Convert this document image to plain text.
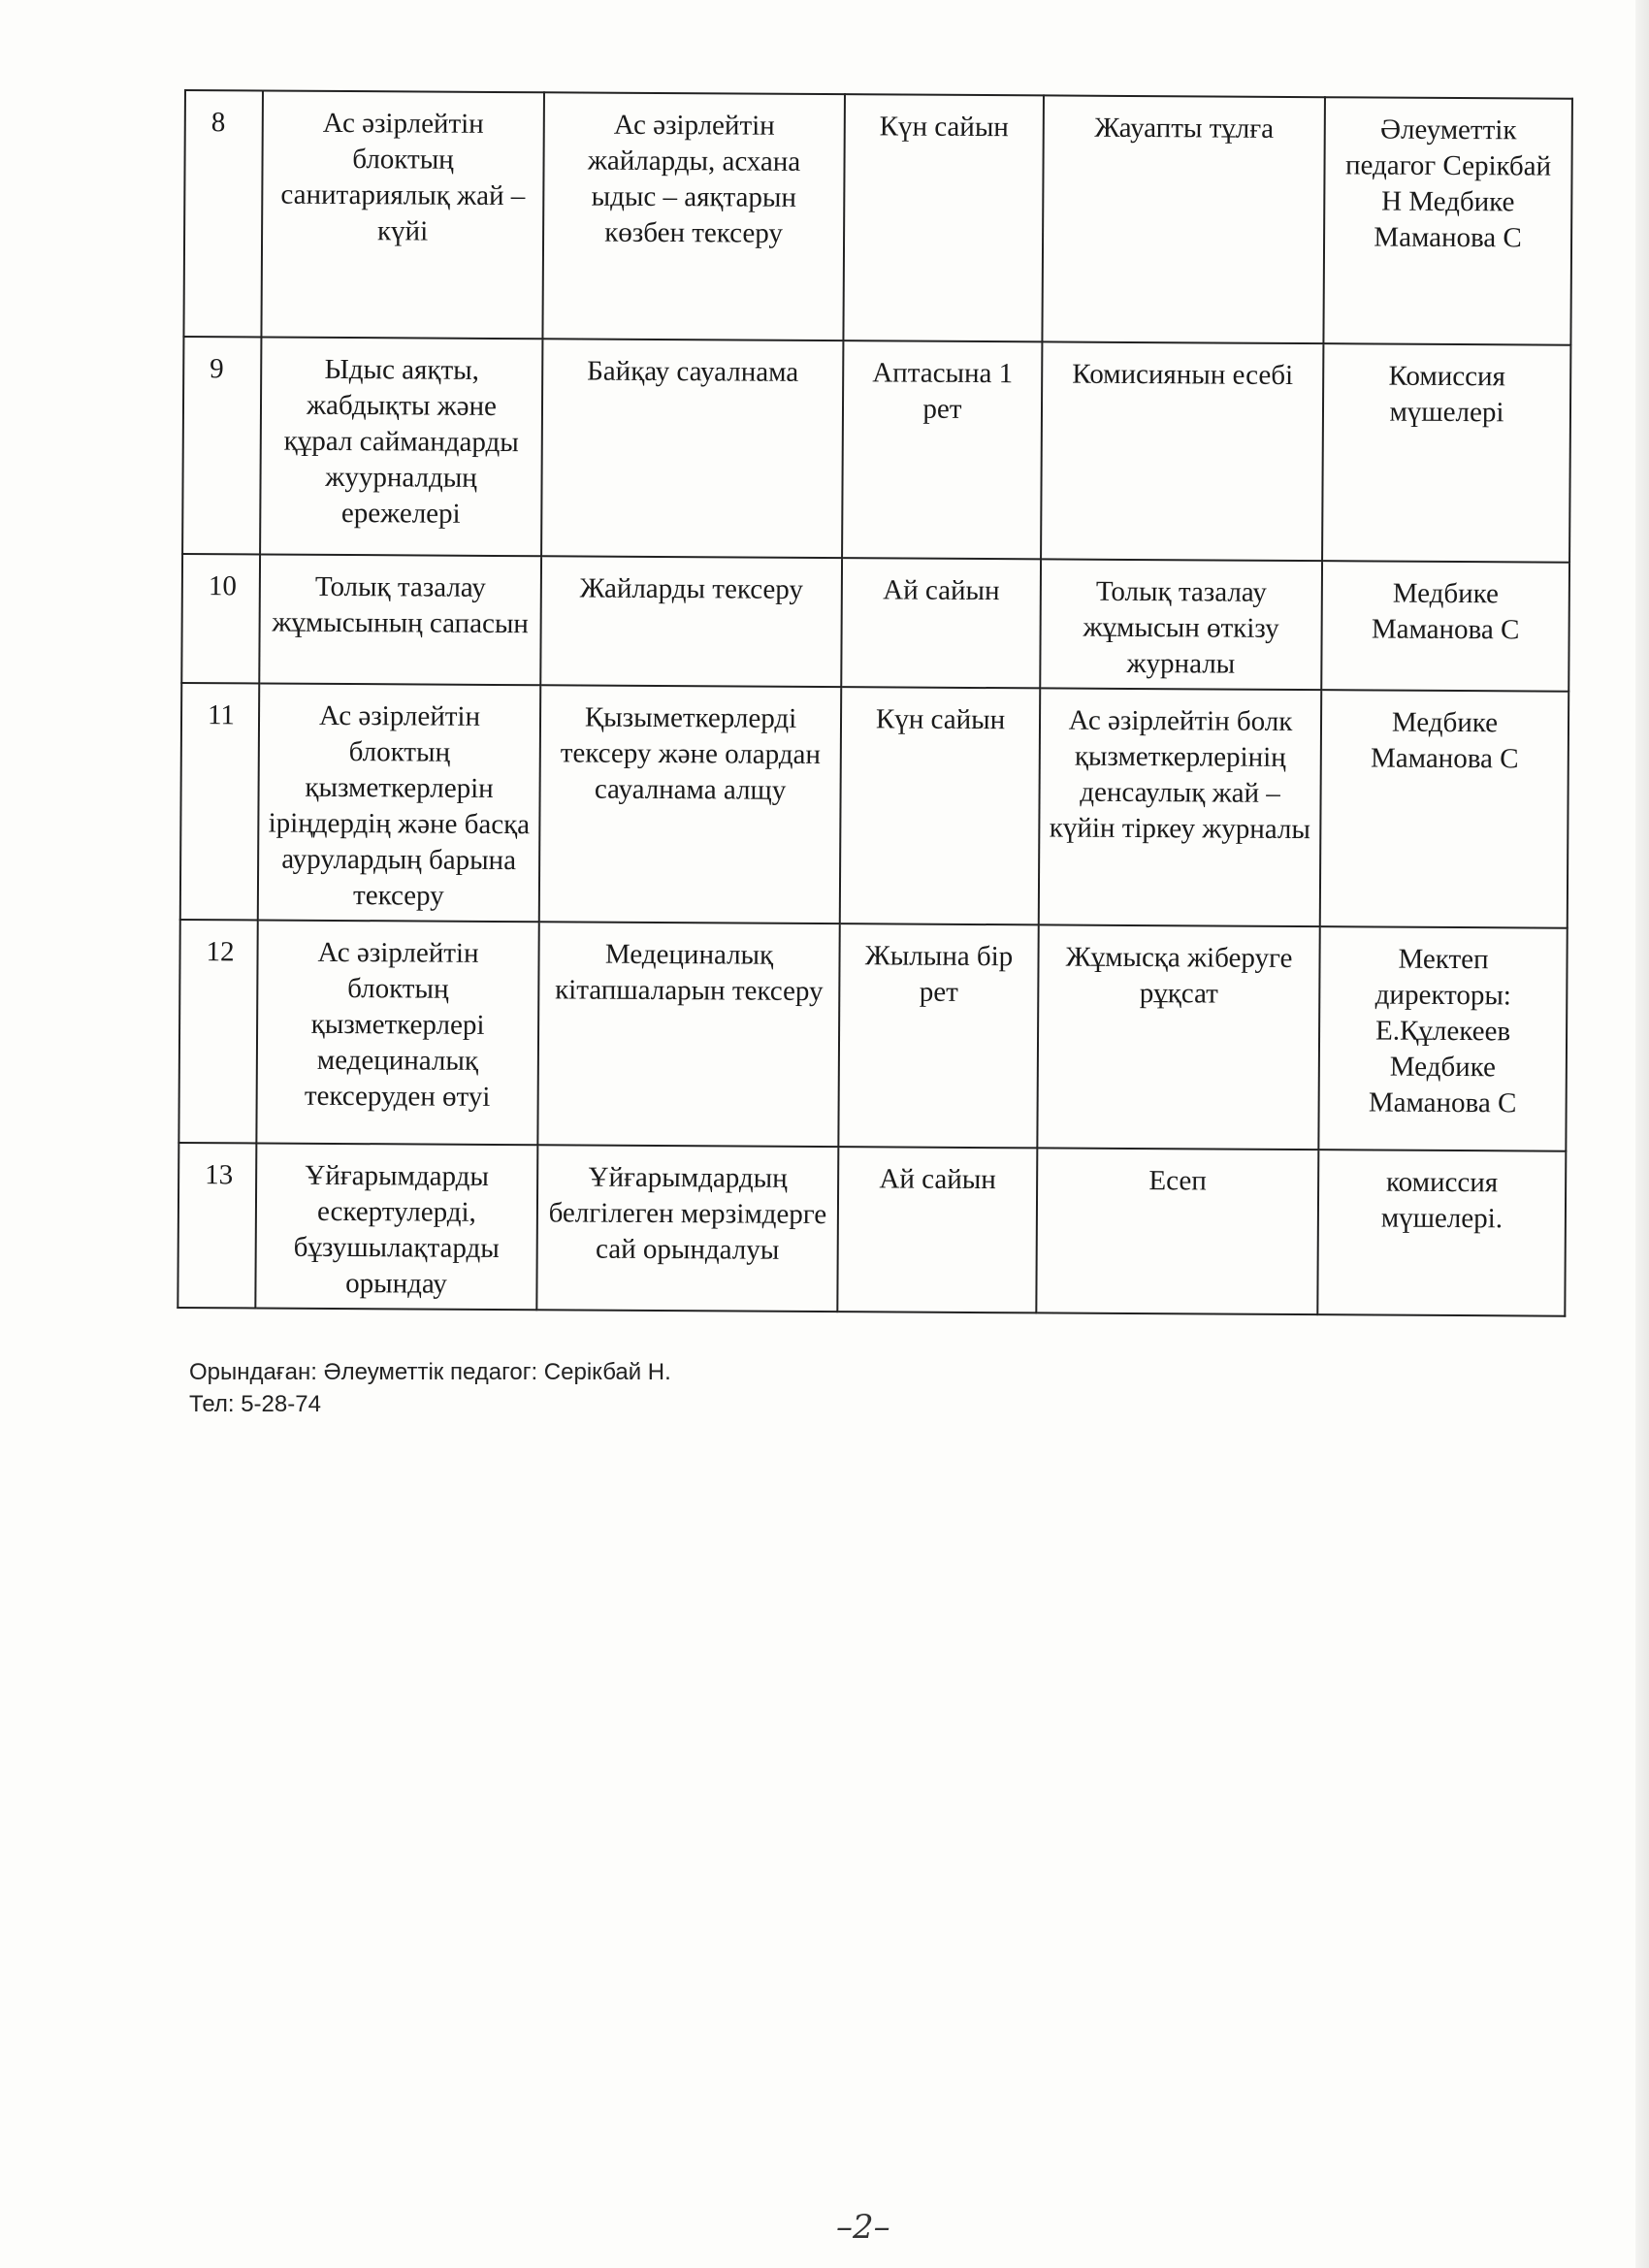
8	Ас әзірлейтін блоктың санитариялық жай – күйі	Ас әзірлейтін жайларды, асхана ыдыс – аяқтарын көзбен тексеру	Күн сайын	Жауапты тұлға	Әлеуметтік педагог Серікбай Н Медбике Маманова С
9	Ыдыс аяқты, жабдықты және құрал саймандарды жуурналдың ережелері	Байқау сауалнама	Аптасына 1 рет	Комисиянын есебі	Комиссия мүшелері
10	Толық тазалау жұмысының сапасын	Жайларды тексеру	Ай сайын	Толық тазалау жұмысын өткізу журналы	Медбике Маманова С
11	Ас әзірлейтін блоктың қызметкерлерін іріңдердің және басқа аурулардың барына тексеру	Қызыметкерлерді тексеру және олардан сауалнама алщу	Күн сайын	Ас әзірлейтін болк қызметкерлерінің денсаулық жай – күйін тіркеу журналы	Медбике Маманова С
12	Ас әзірлейтін блоктың қызметкерлері медециналық тексеруден өтуі	Медециналық кітапшаларын тексеру	Жылына бір рет	Жұмысқа жіберуге рұқсат	Мектеп директоры: Е.Құлекеев Медбике Маманова С
13	Ұйғарымдарды ескертулерді, бұзушылақтарды орындау	Ұйғарымдардың белгілеген мерзімдерге сай орындалуы	Ай сайын	Есеп	комиссия мүшелері.
Орындаған: Әлеуметтік педагог: Серікбай Н.
Тел: 5-28-74
–2–
